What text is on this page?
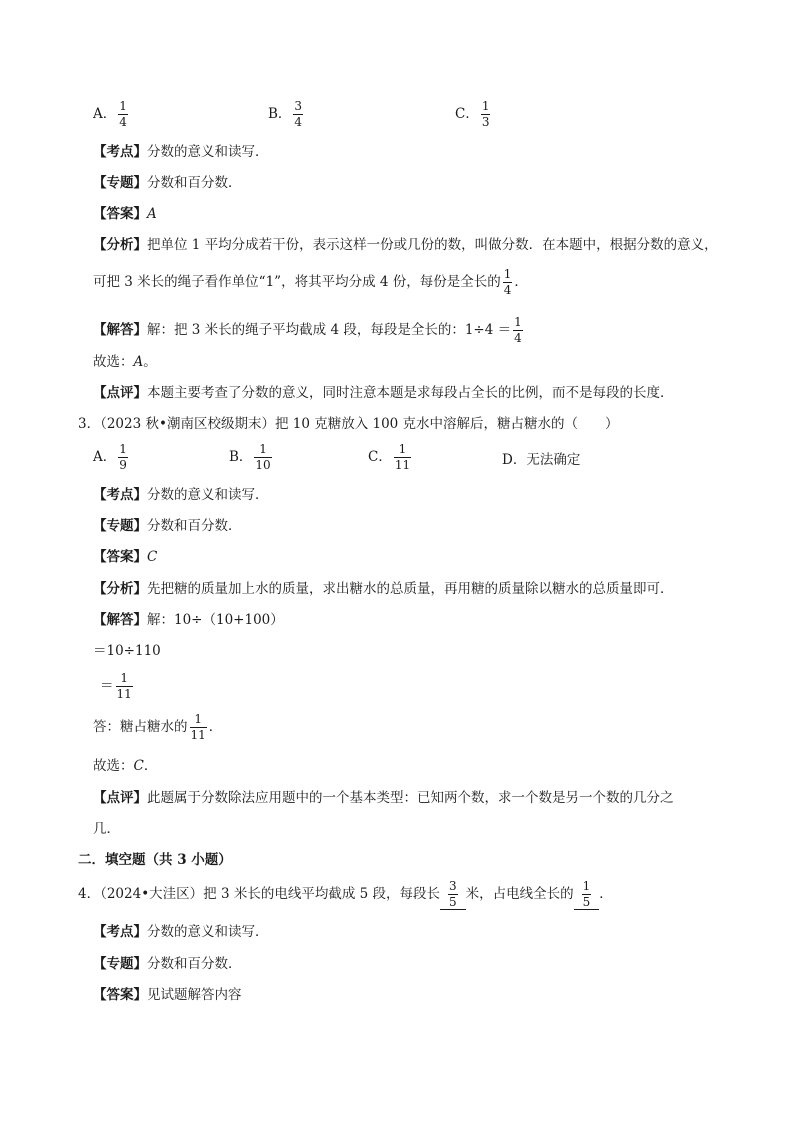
A． $\frac{1}{4}$	B． $\frac{3}{4}$	C． $\frac{1}{3}$
【考点】分数的意义和读写．
【专题】分数和百分数．
【答案】A
【分析】把单位 1 平均分成若干份，表示这样一份或几份的数，叫做分数．在本题中，根据分数的意义，
可把 3 米长的绳子看作单位“1”，将其平均分成 4 份，每份是全长的 $\frac{1}{4}$ ．
【解答】解：把 3 米长的绳子平均截成 4 段，每段是全长的：$1\div 4 = \frac{1}{4}$
故选：A。
【点评】本题主要考查了分数的意义，同时注意本题是求每段占全长的比例，而不是每段的长度．
3．（2023 秋•潮南区校级期末）把 10 克糖放入 100 克水中溶解后，糖占糖水的（　　）
A． $\frac{1}{9}$	B． $\frac{1}{10}$	C． $\frac{1}{11}$	D．无法确定
【考点】分数的意义和读写．
【专题】分数和百分数．
【答案】C
【分析】先把糖的质量加上水的质量，求出糖水的总质量，再用糖的质量除以糖水的总质量即可．
【解答】解：10÷（10+100）
＝10÷110
＝ $\frac{1}{11}$
答：糖占糖水的 $\frac{1}{11}$ ．
故选：C．
【点评】此题属于分数除法应用题中的一个基本类型：已知两个数，求一个数是另一个数的几分之
几．
二．填空题（共 3 小题）
4．（2024•大洼区）把 3 米长的电线平均截成 5 段，每段长 $\frac{3}{5}$ 米，占电线全长的 $\frac{1}{5}$ ．
【考点】分数的意义和读写．
【专题】分数和百分数．
【答案】见试题解答内容
